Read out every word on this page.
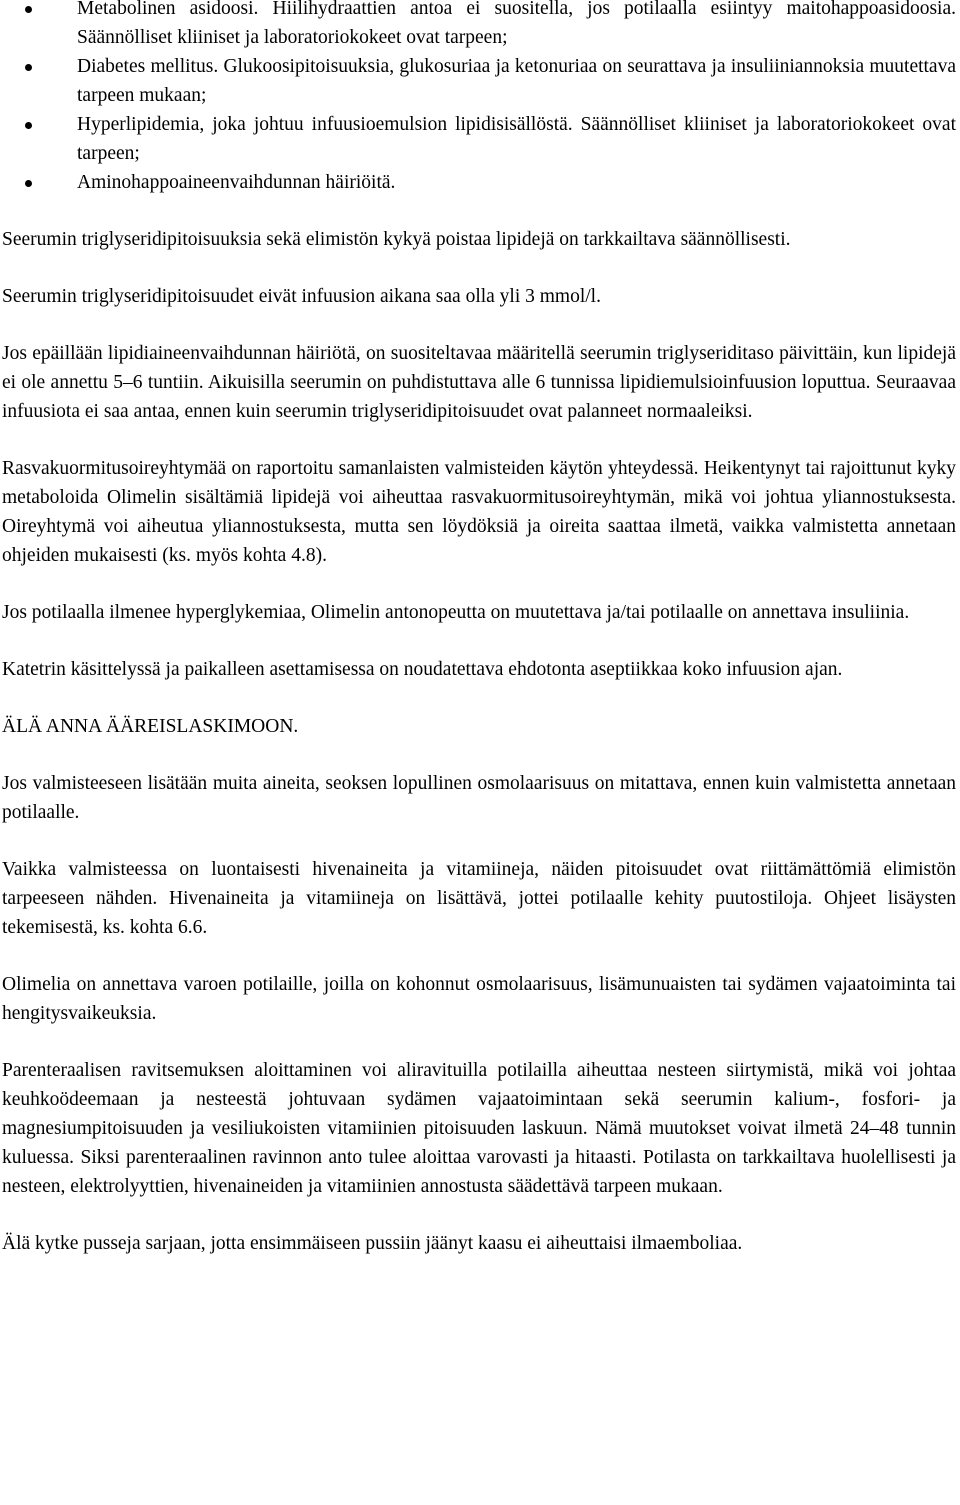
Metabolinen asidoosi. Hiilihydraattien antoa ei suositella, jos potilaalla esiintyy maitohappoasidoosia. Säännölliset kliiniset ja laboratoriokokeet ovat tarpeen;
Diabetes mellitus. Glukoosipitoisuuksia, glukosuriaa ja ketonuriaa on seurattava ja insuliiniannoksia muutettava tarpeen mukaan;
Hyperlipidemia, joka johtuu infuusioemulsion lipidisisällöstä. Säännölliset kliiniset ja laboratoriokokeet ovat tarpeen;
Aminohappoaineenvaihdunnan häiriöitä.

Seerumin triglyseridipitoisuuksia sekä elimistön kykyä poistaa lipidejä on tarkkailtava säännöllisesti.

Seerumin triglyseridipitoisuudet eivät infuusion aikana saa olla yli 3 mmol/l.

Jos epäillään lipidiaineenvaihdunnan häiriötä, on suositeltavaa määritellä seerumin triglyseriditaso päivittäin, kun lipidejä ei ole annettu 5–6 tuntiin. Aikuisilla seerumin on puhdistuttava alle 6 tunnissa lipidiemulsioinfuusion loputtua. Seuraavaa infuusiota ei saa antaa, ennen kuin seerumin triglyseridipitoisuudet ovat palanneet normaaleiksi.

Rasvakuormitusoireyhtymää on raportoitu samanlaisten valmisteiden käytön yhteydessä. Heikentynyt tai rajoittunut kyky metaboloida Olimelin sisältämiä lipidejä voi aiheuttaa rasvakuormitusoireyhtymän, mikä voi johtua yliannostuksesta. Oireyhtymä voi aiheutua yliannostuksesta, mutta sen löydöksiä ja oireita saattaa ilmetä, vaikka valmistetta annetaan ohjeiden mukaisesti (ks. myös kohta 4.8).

Jos potilaalla ilmenee hyperglykemiaa, Olimelin antonopeutta on muutettava ja/tai potilaalle on annettava insuliinia.

Katetrin käsittelyssä ja paikalleen asettamisessa on noudatettava ehdotonta aseptiikkaa koko infuusion ajan.

ÄLÄ ANNA ÄÄREISLASKIMOON.

Jos valmisteeseen lisätään muita aineita, seoksen lopullinen osmolaarisuus on mitattava, ennen kuin valmistetta annetaan potilaalle.

Vaikka valmisteessa on luontaisesti hivenaineita ja vitamiineja, näiden pitoisuudet ovat riittämättömiä elimistön tarpeeseen nähden. Hivenaineita ja vitamiineja on lisättävä, jottei potilaalle kehity puutostiloja. Ohjeet lisäysten tekemisestä, ks. kohta 6.6.

Olimelia on annettava varoen potilaille, joilla on kohonnut osmolaarisuus, lisämunuaisten tai sydämen vajaatoiminta tai hengitysvaikeuksia.

Parenteraalisen ravitsemuksen aloittaminen voi aliravituilla potilailla aiheuttaa nesteen siirtymistä, mikä voi johtaa keuhkoödeemaan ja nesteestä johtuvaan sydämen vajaatoimintaan sekä seerumin kalium-, fosfori- ja magnesiumpitoisuuden ja vesiliukoisten vitamiinien pitoisuuden laskuun. Nämä muutokset voivat ilmetä 24–48 tunnin kuluessa. Siksi parenteraalinen ravinnon anto tulee aloittaa varovasti ja hitaasti. Potilasta on tarkkailtava huolellisesti ja nesteen, elektrolyyttien, hivenaineiden ja vitamiinien annostusta säädettävä tarpeen mukaan.

Älä kytke pusseja sarjaan, jotta ensimmäiseen pussiin jäänyt kaasu ei aiheuttaisi ilmaemboliaa.
